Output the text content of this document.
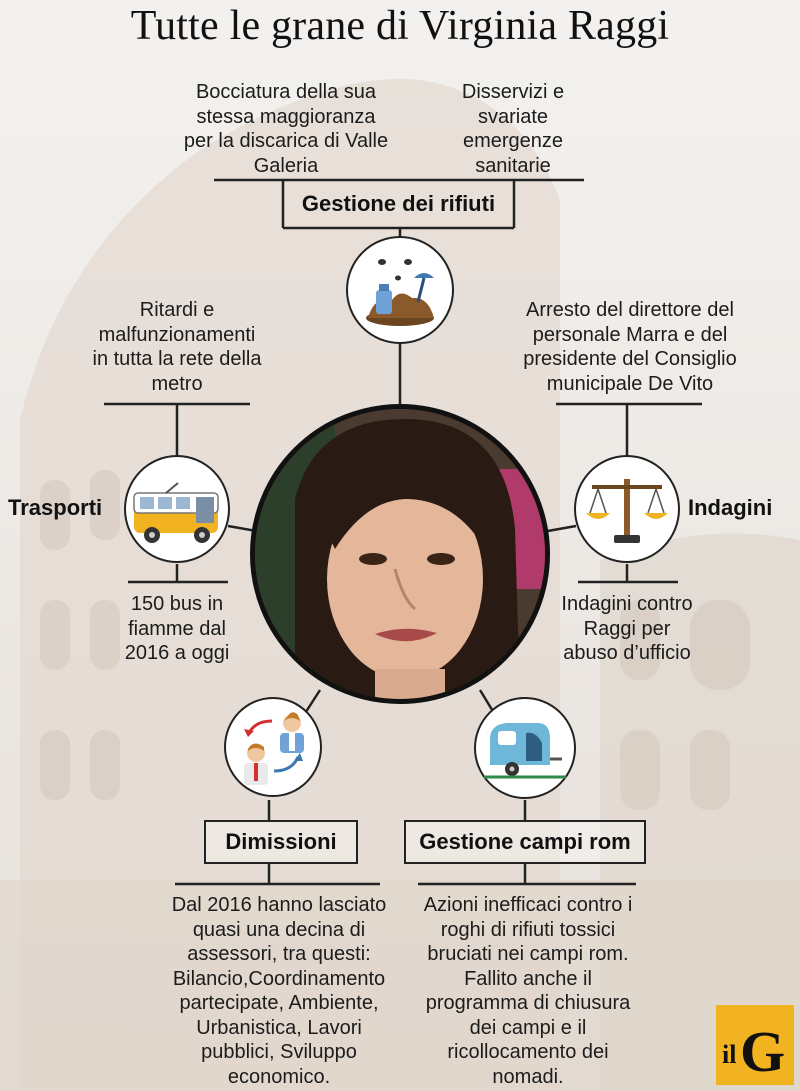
Tutte le grane di Virginia Raggi
Bocciatura della sua stessa maggioranza per la discarica di Valle Galeria
Disservizi e svariate emergenze sanitarie
Gestione dei rifiuti
Ritardi e malfunzionamenti in tutta la rete della metro
Trasporti
150 bus in fiamme dal 2016 a oggi
Arresto del direttore del personale Marra e del presidente del Consiglio municipale De Vito
Indagini
Indagini contro Raggi per abuso d’ufficio
Dimissioni
Dal 2016 hanno lasciato quasi una decina di assessori, tra questi: Bilancio,Coordinamento partecipate, Ambiente, Urbanistica, Lavori pubblici, Sviluppo economico.
Gestione campi rom
Azioni inefficaci contro i roghi di rifiuti tossici bruciati nei campi rom. Fallito anche il programma di chiusura dei campi e il ricollocamento dei nomadi.
il G
